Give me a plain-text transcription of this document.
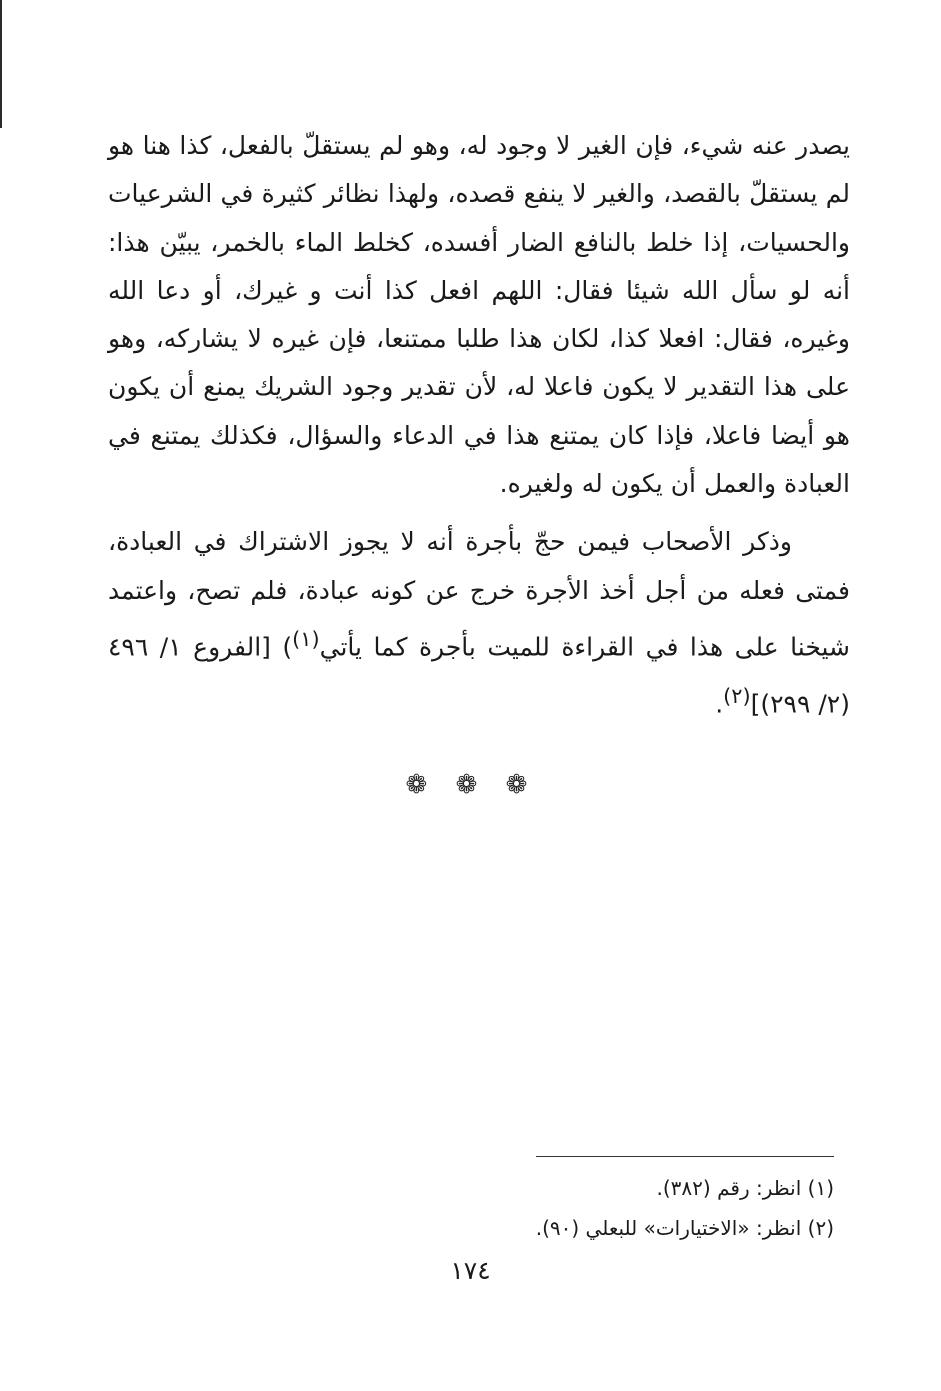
يصدر عنه شيء، فإن الغير لا وجود له، وهو لم يستقلّ بالفعل، كذا هنا هو لم يستقلّ بالقصد، والغير لا ينفع قصده، ولهذا نظائر كثيرة في الشرعيات والحسيات، إذا خلط بالنافع الضار أفسده، كخلط الماء بالخمر، يبيّن هذا: أنه لو سأل الله شيئا فقال: اللهم افعل كذا أنت و غيرك، أو دعا الله وغيره، فقال: افعلا كذا، لكان هذا طلبا ممتنعا، فإن غيره لا يشاركه، وهو على هذا التقدير لا يكون فاعلا له، لأن تقدير وجود الشريك يمنع أن يكون هو أيضا فاعلا، فإذا كان يمتنع هذا في الدعاء والسؤال، فكذلك يمتنع في العبادة والعمل أن يكون له ولغيره.

وذكر الأصحاب فيمن حجّ بأجرة أنه لا يجوز الاشتراك في العبادة، فمتى فعله من أجل أخذ الأجرة خرج عن كونه عبادة، فلم تصح، واعتمد شيخنا على هذا في القراءة للميت بأجرة كما يأتي$^{(١)}$) [الفروع ١/ ٤٩٦ (٢/ ٢٩٩)]$^{(٢)}$.

❁ ❁ ❁
(١) انظر: رقم (٣٨٢).
(٢) انظر: «الاختيارات» للبعلي (٩٠).
١٧٤
